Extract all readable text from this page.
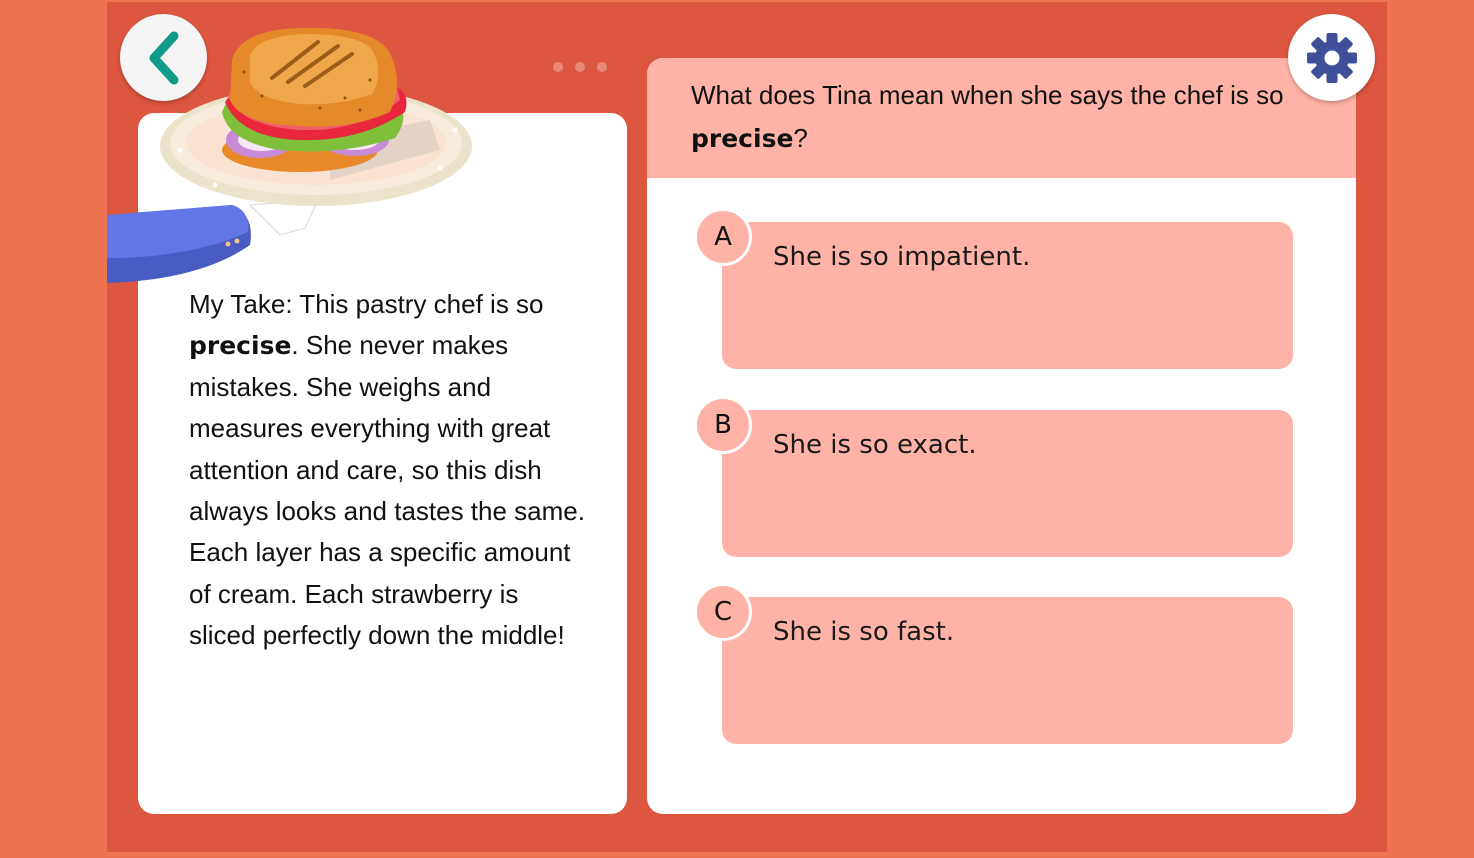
My Take: This pastry chef is so precise. She never makes mistakes. She weighs and measures everything with great attention and care, so this dish always looks and tastes the same. Each layer has a specific amount of cream. Each strawberry is sliced perfectly down the middle!
What does Tina mean when she says the chef is so precise?
She is so impatient.
A
She is so exact.
B
She is so fast.
C
